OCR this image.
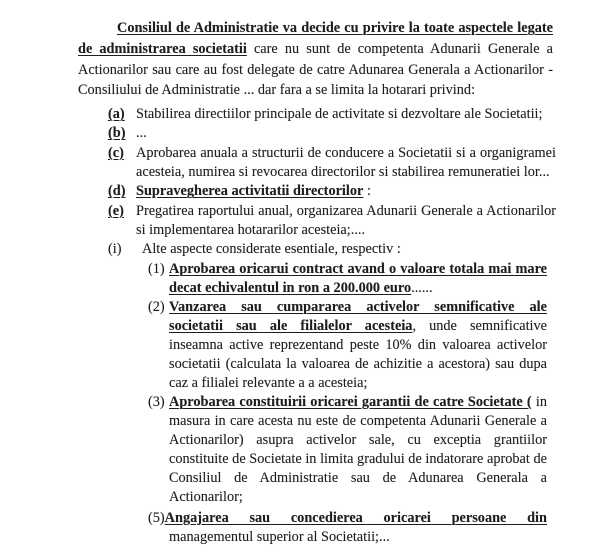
Consiliul de Administratie va decide cu privire la toate aspectele legate de administrarea societatii care nu sunt de competenta Adunarii Generale a Actionarilor sau care au fost delegate de catre Adunarea Generala a Actionarilor - Consiliului de Administratie ... dar fara a se limita la hotarari privind:

(a) Stabilirea directiilor principale de activitate si dezvoltare ale Societatii;
(b) ...
(c) Aprobarea anuala a structurii de conducere a Societatii si a organigramei acesteia, numirea si revocarea directorilor si stabilirea remuneratiei lor...
(d) Supravegherea activitatii directorilor :
(e) Pregatirea raportului anual, organizarea Adunarii Generale a Actionarilor si implementarea hotararilor acesteia;....
(i) Alte aspecte considerate esentiale, respectiv :
(1) Aprobarea oricarui contract avand o valoare totala mai mare decat echivalentul in ron a 200.000 euro......
(2) Vanzarea sau cumpararea activelor semnificative ale societatii sau ale filialelor acesteia, unde semnificative inseamna active reprezentand peste 10% din valoarea activelor societatii (calculata la valoarea de achizitie a acestora) sau dupa caz a filialei relevante a a acesteia;
(3) Aprobarea constituirii oricarei garantii de catre Societate ( in masura in care acesta nu este de competenta Adunarii Generale a Actionarilor) asupra activelor sale, cu exceptia grantiilor constituite de Societate in limita gradului de indatorare aprobat de Consiliul de Administratie sau de Adunarea Generala a Actionarilor;
(5)Angajarea sau concedierea oricarei persoane dinmanagementul superior al Societatii;...
